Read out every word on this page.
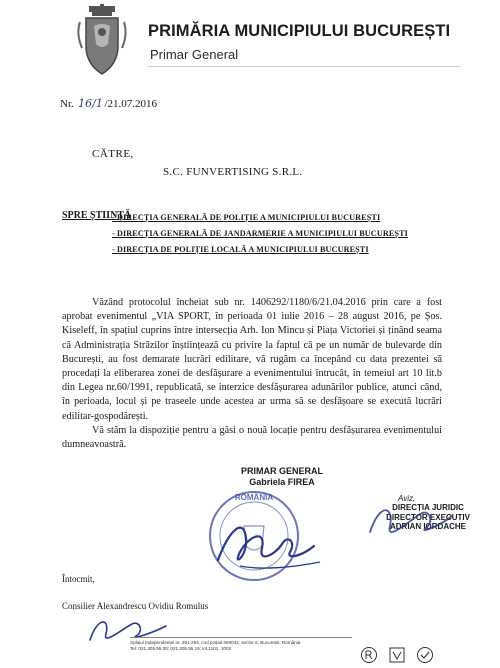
PRIMĂRIA MUNICIPIULUI BUCUREȘTI
Primar General
Nr. 16/1 /21.07.2016
CĂTRE,
S.C. FUNVERTISING S.R.L.
SPRE ȘTIINȚĂ
- DIRECȚIA GENERALĂ DE POLIȚIE A MUNICIPIULUI BUCUREȘTI
- DIRECȚIA GENERALĂ DE JANDARMERIE A MUNICIPIULUI BUCUREȘTI
- DIRECȚIA DE POLIȚIE LOCALĂ A MUNICIPIULUI BUCUREȘTI

Văzând protocolul încheiat sub nr. 1406292/1180/6/21.04.2016 prin care a fost aprobat evenimentul „VIA SPORT, în perioada 01 iulie 2016 – 28 august 2016, pe Șos. Kiseleff, în spațiul cuprins între intersecția Arh. Ion Mincu și Piața Victoriei și ținând seama că Administrația Străzilor înștiințează cu privire la faptul că pe un număr de bulevarde din București, au fost demarate lucrări edilitare, vă rugăm ca începând cu data prezentei să procedați la eliberarea zonei de desfășurare a evenimentului întrucât, în temeiul art 10 lit.b din Legea nr.60/1991, republicată, se interzice desfășurarea adunărilor publice, atunci când, în perioada, locul și pe traseele unde acestea ar urma să se desfășoare se execută lucrări edilitar-gospodărești.

Vă stăm la dispoziție pentru a găsi o nouă locație pentru desfășurarea evenimentului dumneavoastră.

PRIMAR GENERAL
Gabriela FIREA
ROMÂNIA	Aviz,
DIRECȚIA JURIDIC
DIRECTOR EXECUTIV
ADRIAN IORDACHE
Întocmit,
Consilier Alexandrescu Ovidiu Romulus
Splaiul Independenței nr. 291-293, cod poștal 060042, sector 6, București, România
Tel: 021.305.55.00; 021.305.55.19; int.1101, 1003
